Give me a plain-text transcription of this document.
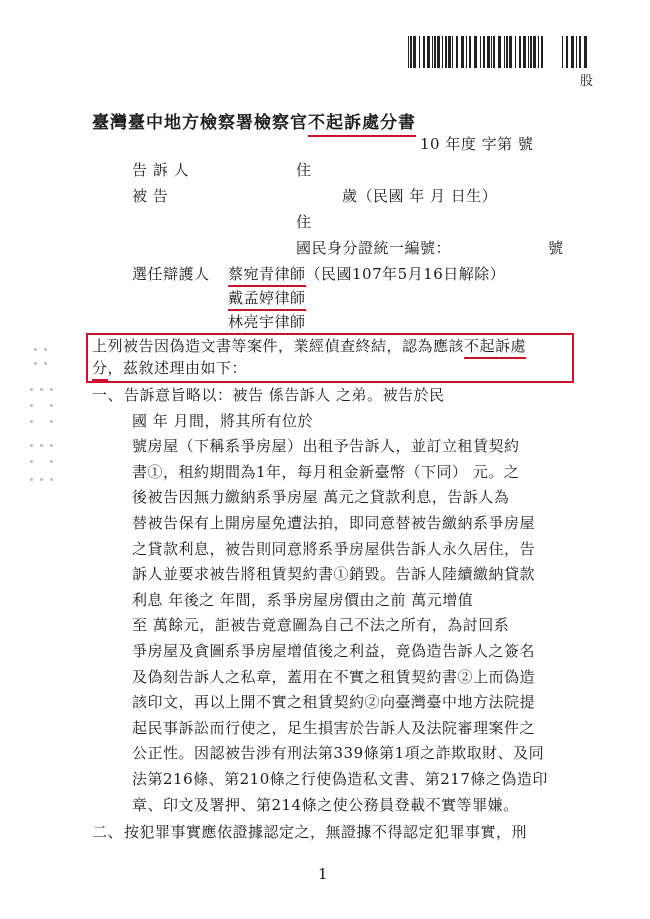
股
臺灣臺中地方檢察署檢察官不起訴處分書
10 年度 字第 號
告 訴 人	住
被 告	歲（民國 年 月 日生）
住
國民身分證統一編號：	號
選任辯護人 蔡宛青律師（民國107年5月16日解除）
戴孟婷律師
林亮宇律師
上列被告因偽造文書等案件，業經偵查終結，認為應該不起訴處
分，茲敘述理由如下：
一、 告訴意旨略以：被告 係告訴人 之弟。被告於民
國 年 月間，將其所有位於
號房屋（下稱系爭房屋）出租予告訴人，並訂立租賃契約
書①，租約期間為1年，每月租金新臺幣（下同） 元。之
後被告因無力繳納系爭房屋 萬元之貸款利息，告訴人為
替被告保有上開房屋免遭法拍，即同意替被告繳納系爭房屋
之貸款利息，被告則同意將系爭房屋供告訴人永久居住，告
訴人並要求被告將租賃契約書①銷毀。告訴人陸續繳納貸款
利息 年後之 年間，系爭房屋房價由之前 萬元增值
至 萬餘元，詎被告竟意圖為自己不法之所有，為討回系
爭房屋及貪圖系爭房屋增值後之利益，竟偽造告訴人之簽名
及偽刻告訴人之私章，蓋用在不實之租賃契約書②上而偽造
該印文，再以上開不實之租賃契約②向臺灣臺中地方法院提
起民事訴訟而行使之，足生損害於告訴人及法院審理案件之
公正性。因認被告涉有刑法第339條第1項之詐欺取財、及同
法第216條、第210條之行使偽造私文書、第217條之偽造印
章、印文及署押、第214條之使公務員登載不實等罪嫌。
二、 按犯罪事實應依證據認定之，無證據不得認定犯罪事實，刑
1
